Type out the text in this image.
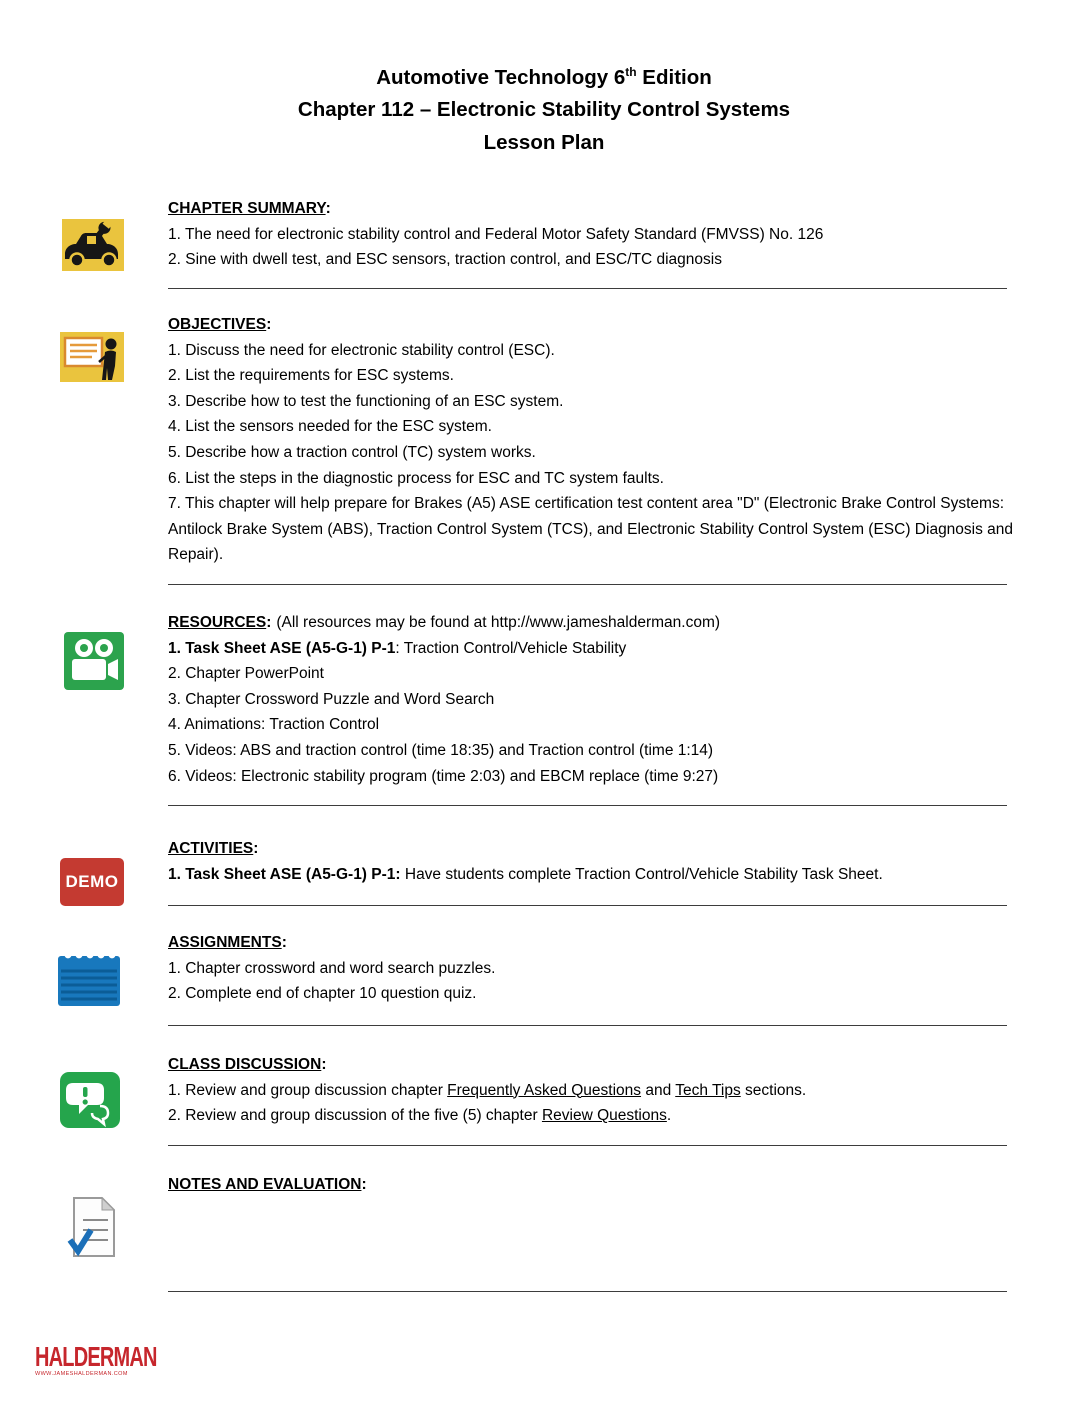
Automotive Technology 6th Edition
Chapter 112 – Electronic Stability Control Systems
Lesson Plan
DEMO
CHAPTER SUMMARY:
1. The need for electronic stability control and Federal Motor Safety Standard (FMVSS) No. 126
2. Sine with dwell test, and ESC sensors, traction control, and ESC/TC diagnosis
OBJECTIVES:
1. Discuss the need for electronic stability control (ESC).
2. List the requirements for ESC systems.
3. Describe how to test the functioning of an ESC system.
4. List the sensors needed for the ESC system.
5. Describe how a traction control (TC) system works.
6. List the steps in the diagnostic process for ESC and TC system faults.
7. This chapter will help prepare for Brakes (A5) ASE certification test content area "D" (Electronic Brake Control Systems: Antilock Brake System (ABS), Traction Control System (TCS), and Electronic Stability Control System (ESC) Diagnosis and Repair).
RESOURCES: (All resources may be found at http://www.jameshalderman.com)
1. Task Sheet ASE (A5-G-1) P-1: Traction Control/Vehicle Stability
2. Chapter PowerPoint
3. Chapter Crossword Puzzle and Word Search
4. Animations: Traction Control
5. Videos: ABS and traction control (time 18:35) and Traction control (time 1:14)
6. Videos: Electronic stability program (time 2:03) and EBCM replace (time 9:27)
ACTIVITIES:
1. Task Sheet ASE (A5-G-1) P-1: Have students complete Traction Control/Vehicle Stability Task Sheet.
ASSIGNMENTS:
1. Chapter crossword and word search puzzles.
2. Complete end of chapter 10 question quiz.
CLASS DISCUSSION:
1. Review and group discussion chapter Frequently Asked Questions and Tech Tips sections.
2. Review and group discussion of the five (5) chapter Review Questions.
NOTES AND EVALUATION:
HALDERMAN
WWW.JAMESHALDERMAN.COM
